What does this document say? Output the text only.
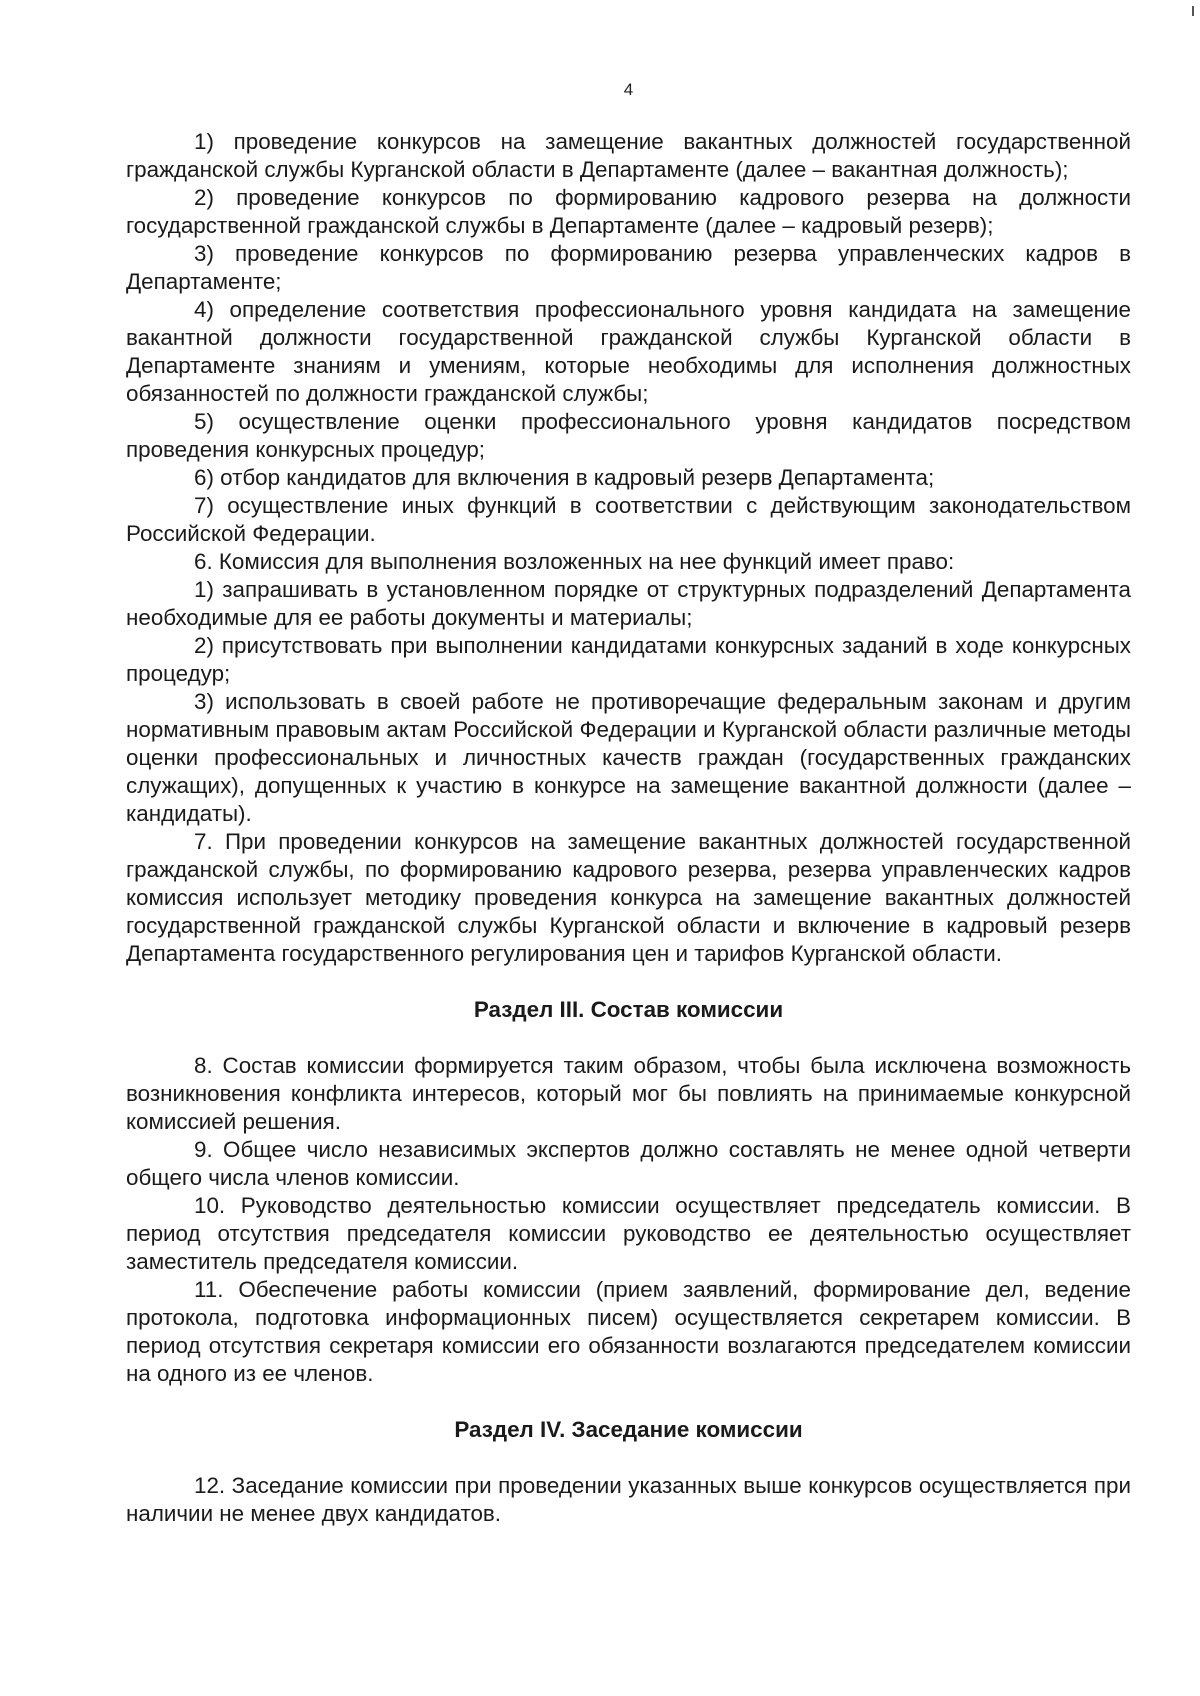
4

1) проведение конкурсов на замещение вакантных должностей государственной гражданской службы Курганской области в Департаменте (далее – вакантная должность);

2) проведение конкурсов по формированию кадрового резерва на должности государственной гражданской службы в Департаменте (далее – кадровый резерв);

3) проведение конкурсов по формированию резерва управленческих кадров в Департаменте;

4) определение соответствия профессионального уровня кандидата на замещение вакантной должности государственной гражданской службы Курганской области в Департаменте знаниям и умениям, которые необходимы для исполнения должностных обязанностей по должности гражданской службы;

5) осуществление оценки профессионального уровня кандидатов посредством проведения конкурсных процедур;

6) отбор кандидатов для включения в кадровый резерв Департамента;

7) осуществление иных функций в соответствии с действующим законодательством Российской Федерации.

6. Комиссия для выполнения возложенных на нее функций имеет право:

1) запрашивать в установленном порядке от структурных подразделений Департамента необходимые для ее работы документы и материалы;

2) присутствовать при выполнении кандидатами конкурсных заданий в ходе конкурсных процедур;

3) использовать в своей работе не противоречащие федеральным законам и другим нормативным правовым актам Российской Федерации и Курганской области различные методы оценки профессиональных и личностных качеств граждан (государственных гражданских служащих), допущенных к участию в конкурсе на замещение вакантной должности (далее – кандидаты).

7. При проведении конкурсов на замещение вакантных должностей государственной гражданской службы, по формированию кадрового резерва, резерва управленческих кадров комиссия использует методику проведения конкурса на замещение вакантных должностей государственной гражданской службы Курганской области и включение в кадровый резерв Департамента государственного регулирования цен и тарифов Курганской области.

Раздел III. Состав комиссии

8. Состав комиссии формируется таким образом, чтобы была исключена возможность возникновения конфликта интересов, который мог бы повлиять на принимаемые конкурсной комиссией решения.

9. Общее число независимых экспертов должно составлять не менее одной четверти общего числа членов комиссии.

10. Руководство деятельностью комиссии осуществляет председатель комиссии. В период отсутствия председателя комиссии руководство ее деятельностью осуществляет заместитель председателя комиссии.

11. Обеспечение работы комиссии (прием заявлений, формирование дел, ведение протокола, подготовка информационных писем) осуществляется секретарем комиссии. В период отсутствия секретаря комиссии его обязанности возлагаются председателем комиссии на одного из ее членов.

Раздел IV. Заседание комиссии

12. Заседание комиссии при проведении указанных выше конкурсов осуществляется при наличии не менее двух кандидатов.
